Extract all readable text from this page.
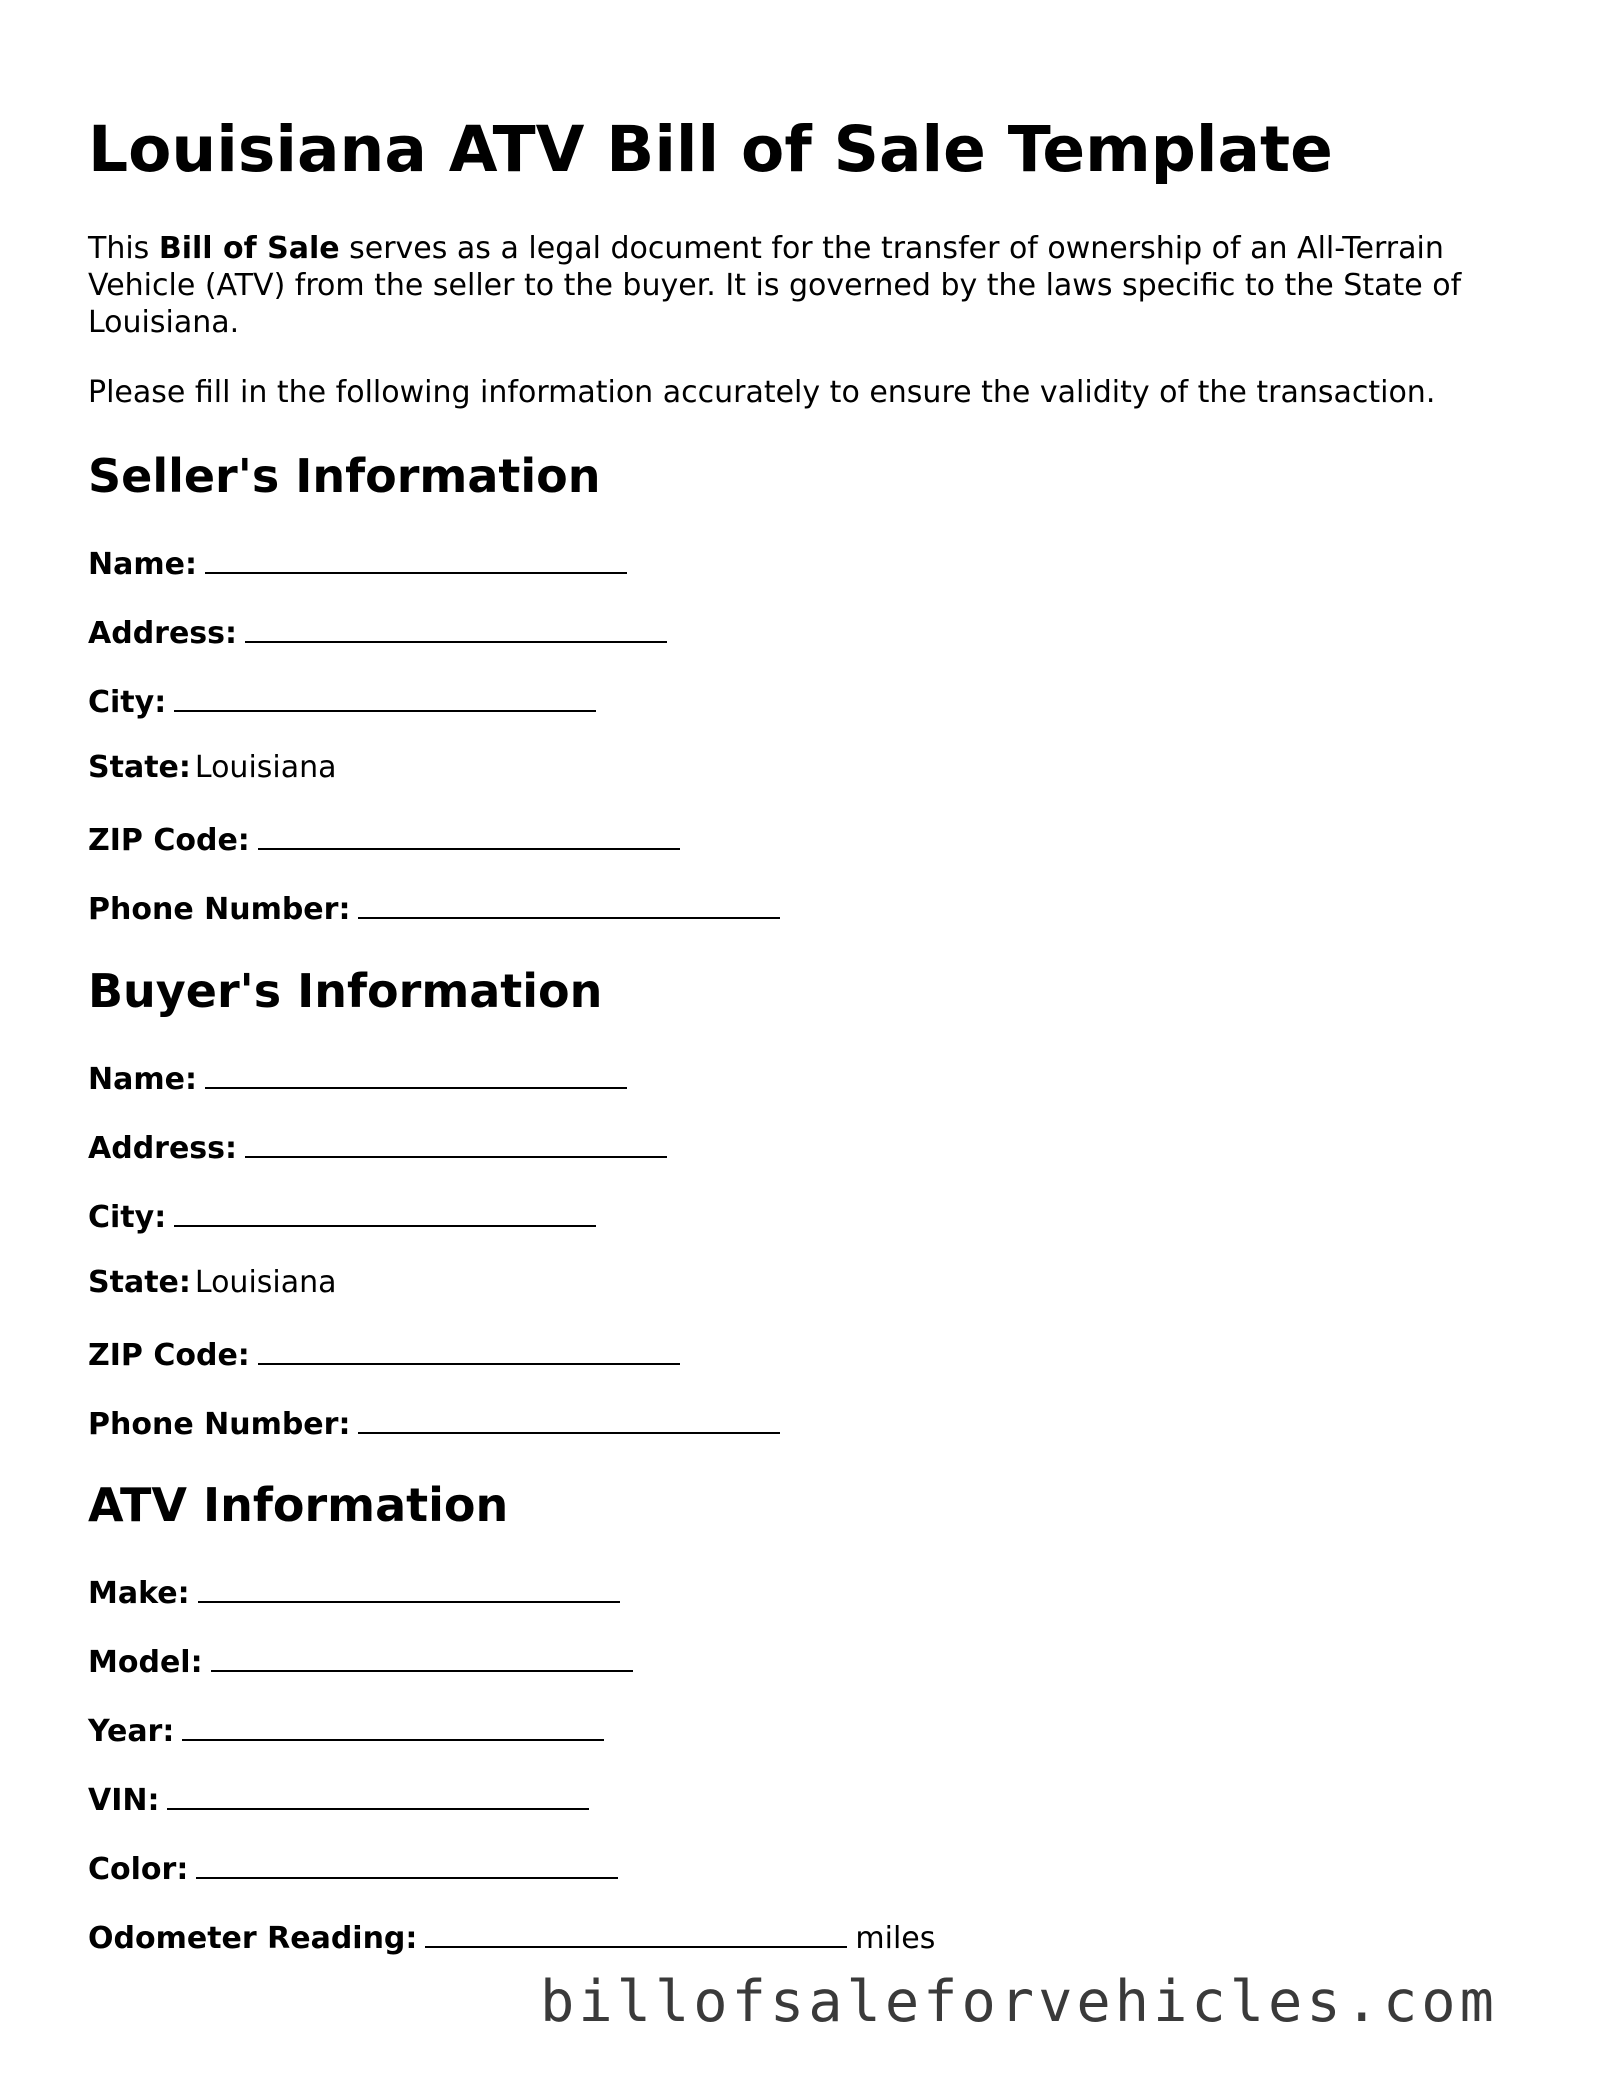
Louisiana ATV Bill of Sale Template

This Bill of Sale serves as a legal document for the transfer of ownership of an All-Terrain Vehicle (ATV) from the seller to the buyer. It is governed by the laws specific to the State of Louisiana.

Please fill in the following information accurately to ensure the validity of the transaction.

Seller's Information

Name:

Address:

City:

State: Louisiana

ZIP Code:

Phone Number:

Buyer's Information

Name:

Address:

City:

State: Louisiana

ZIP Code:

Phone Number:

ATV Information

Make:

Model:

Year:

VIN:

Color:

Odometer Reading:	miles

billofsaleforvehicles.com
